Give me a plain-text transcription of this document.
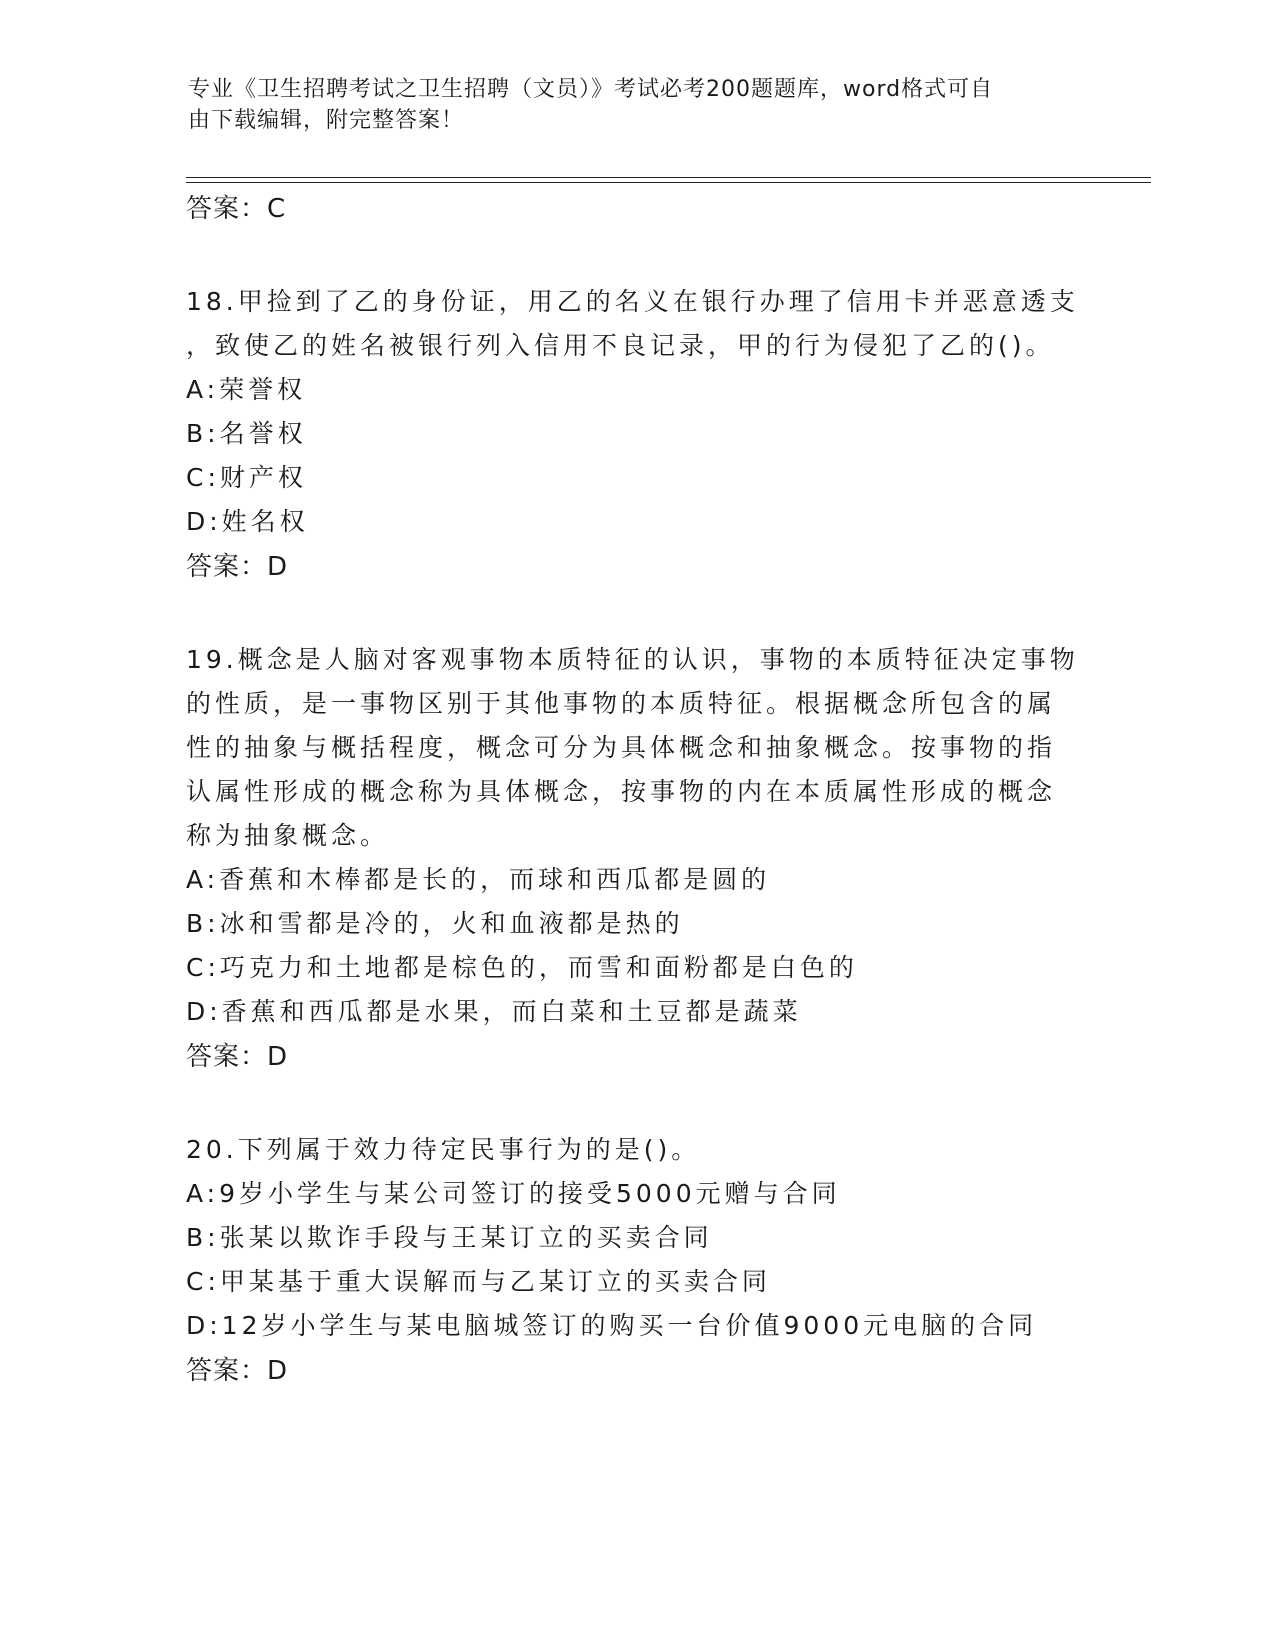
专业《卫生招聘考试之卫生招聘（文员）》考试必考200题题库，word格式可自
由下载编辑，附完整答案！
答案：C
18.甲捡到了乙的身份证，用乙的名义在银行办理了信用卡并恶意透支
，致使乙的姓名被银行列入信用不良记录，甲的行为侵犯了乙的()。
A:荣誉权
B:名誉权
C:财产权
D:姓名权
答案：D
19.概念是人脑对客观事物本质特征的认识，事物的本质特征决定事物
的性质，是一事物区别于其他事物的本质特征。根据概念所包含的属
性的抽象与概括程度，概念可分为具体概念和抽象概念。按事物的指
认属性形成的概念称为具体概念，按事物的内在本质属性形成的概念
称为抽象概念。
A:香蕉和木棒都是长的，而球和西瓜都是圆的
B:冰和雪都是冷的，火和血液都是热的
C:巧克力和土地都是棕色的，而雪和面粉都是白色的
D:香蕉和西瓜都是水果，而白菜和土豆都是蔬菜
答案：D
20.下列属于效力待定民事行为的是()。
A:9岁小学生与某公司签订的接受5000元赠与合同
B:张某以欺诈手段与王某订立的买卖合同
C:甲某基于重大误解而与乙某订立的买卖合同
D:12岁小学生与某电脑城签订的购买一台价值9000元电脑的合同
答案：D
